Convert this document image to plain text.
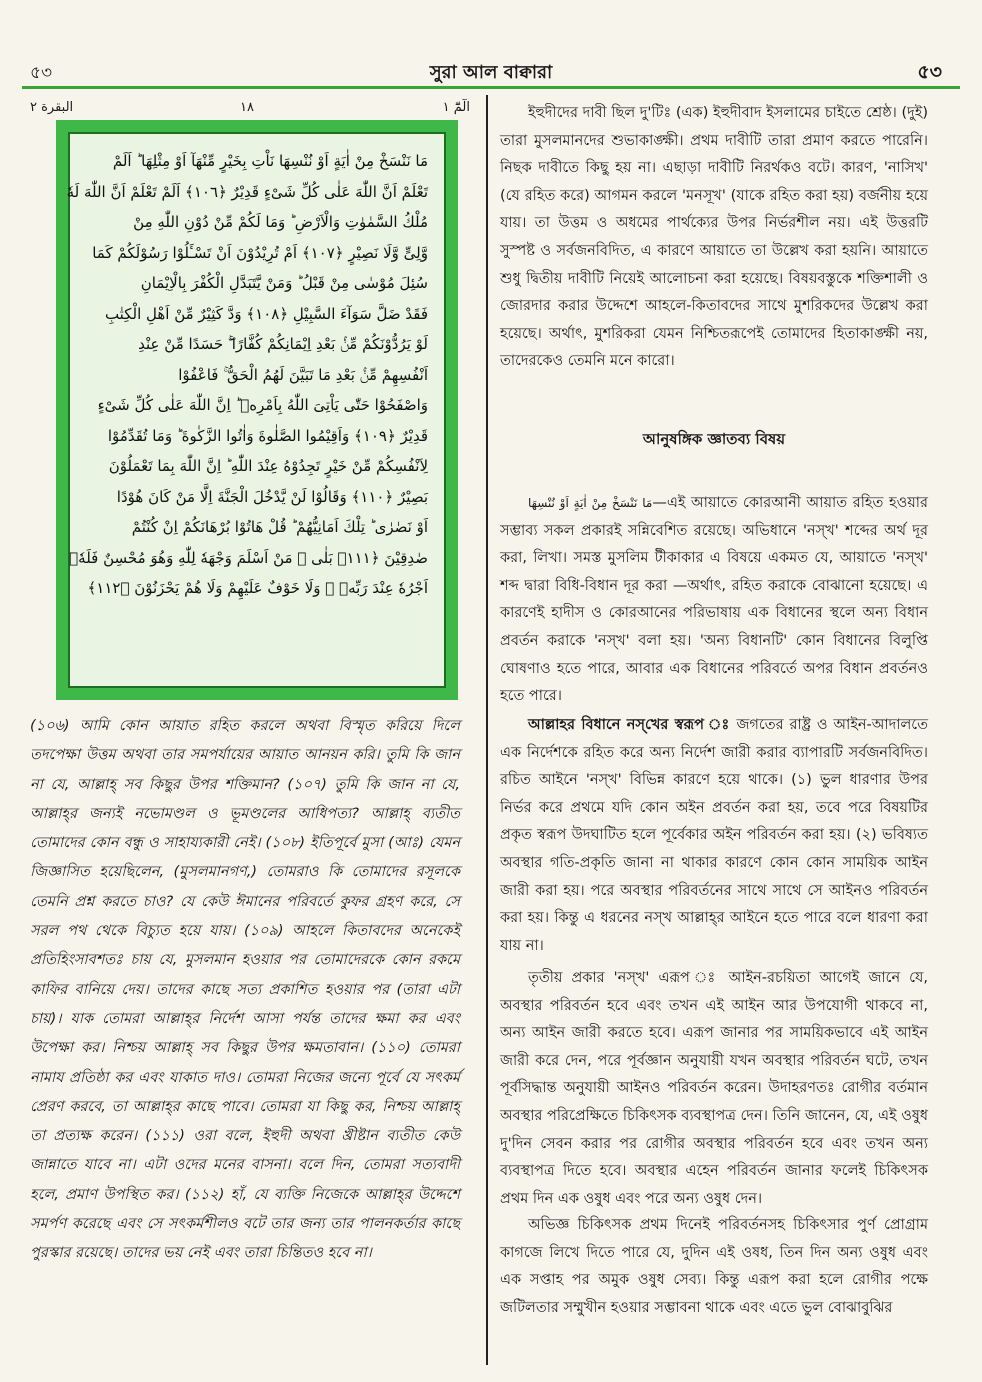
৫৩	সুরা আল বাক্বারা	৫৩
البقرة ۲	۱۸	الٓمّٓ ۱
مَا نَنْسَخْ مِنْ اٰيَةٍ اَوْ نُنْسِهَا نَاْتِ بِخَيْرٍ مِّنْهَآ اَوْ مِثْلِهَا ؕ اَلَمْ
تَعْلَمْ اَنَّ اللّٰهَ عَلٰى كُلِّ شَىْءٍ قَدِيْرٌ ﴿١٠٦﴾ اَلَمْ تَعْلَمْ اَنَّ اللّٰهَ لَهٗ
مُلْكُ السَّمٰوٰتِ وَالْاَرْضِ ؕ وَمَا لَكُمْ مِّنْ دُوْنِ اللّٰهِ مِنْ
وَّلِىٍّ وَّلَا نَصِيْرٍ ﴿١٠٧﴾ اَمْ تُرِيْدُوْنَ اَنْ تَسْـَٔلُوْا رَسُوْلَكُمْ كَمَا
سُئِلَ مُوْسٰى مِنْ قَبْلُ ؕ وَمَنْ يَّتَبَدَّلِ الْكُفْرَ بِالْاِيْمَانِ
فَقَدْ ضَلَّ سَوَآءَ السَّبِيْلِ ﴿١٠٨﴾ وَدَّ كَثِيْرٌ مِّنْ اَهْلِ الْكِتٰبِ
لَوْ يَرُدُّوْنَكُمْ مِّنْۢ بَعْدِ اِيْمَانِكُمْ كُفَّارًا ۚۖ حَسَدًا مِّنْ عِنْدِ
اَنْفُسِهِمْ مِّنْۢ بَعْدِ مَا تَبَيَّنَ لَهُمُ الْحَقُّ ۚ فَاعْفُوْا
وَاصْفَحُوْا حَتّٰى يَاْتِىَ اللّٰهُ بِاَمْرِهٖ ؕ اِنَّ اللّٰهَ عَلٰى كُلِّ شَىْءٍ
قَدِيْرٌ ﴿١٠٩﴾ وَاَقِيْمُوا الصَّلٰوةَ وَاٰتُوا الزَّكٰوةَ ؕ وَمَا تُقَدِّمُوْا
لِاَنْفُسِكُمْ مِّنْ خَيْرٍ تَجِدُوْهُ عِنْدَ اللّٰهِ ؕ اِنَّ اللّٰهَ بِمَا تَعْمَلُوْنَ
بَصِيْرٌ ﴿١١٠﴾ وَقَالُوْا لَنْ يَّدْخُلَ الْجَنَّةَ اِلَّا مَنْ كَانَ هُوْدًا
اَوْ نَصٰرٰى ؕ تِلْكَ اَمَانِيُّهُمْ ؕ قُلْ هَاتُوْا بُرْهَانَكُمْ اِنْ كُنْتُمْ
صٰدِقِيْنَ ﴿١١١﴾ بَلٰى ۚ مَنْ اَسْلَمَ وَجْهَهٗ لِلّٰهِ وَهُوَ مُحْسِنٌ فَلَهٗۤ
اَجْرُهٗ عِنْدَ رَبِّهٖ ۪ وَلَا خَوْفٌ عَلَيْهِمْ وَلَا هُمْ يَحْزَنُوْنَ ﴿١١٢﴾
(১০৬) আমি কোন আয়াত রহিত করলে অথবা বিস্মৃত করিয়ে দিলে তদপেক্ষা উত্তম অথবা তার সমপর্যায়ের আয়াত আনয়ন করি। তুমি কি জান না যে, আল্লাহ্‌ সব কিছুর উপর শক্তিমান? (১০৭) তুমি কি জান না যে, আল্লাহ্‌র জন্যই নভোমণ্ডল ও ভূমণ্ডলের আধিপত্য? আল্লাহ্‌ ব্যতীত তোমাদের কোন বন্ধু ও সাহায্যকারী নেই। (১০৮) ইতিপূর্বে মুসা (আঃ) যেমন জিজ্ঞাসিত হয়েছিলেন, (মুসলমানগণ,) তোমরাও কি তোমাদের রসূলকে তেমনি প্রশ্ন করতে চাও? যে কেউ ঈমানের পরিবর্তে কুফর গ্রহণ করে, সে সরল পথ থেকে বিচ্যুত হয়ে যায়। (১০৯) আহলে কিতাবদের অনেকেই প্রতিহিংসাবশতঃ চায় যে, মুসলমান হওয়ার পর তোমাদেরকে কোন রকমে কাফির বানিয়ে দেয়। তাদের কাছে সত্য প্রকাশিত হওয়ার পর (তারা এটা চায়)। যাক তোমরা আল্লাহ্‌র নির্দেশ আসা পর্যন্ত তাদের ক্ষমা কর এবং উপেক্ষা কর। নিশ্চয় আল্লাহ্‌ সব কিছুর উপর ক্ষমতাবান। (১১০) তোমরা নামায প্রতিষ্ঠা কর এবং যাকাত দাও। তোমরা নিজের জন্যে পূর্বে যে সৎকর্ম প্রেরণ করবে, তা আল্লাহ্‌র কাছে পাবে। তোমরা যা কিছু কর, নিশ্চয় আল্লাহ্‌ তা প্রত্যক্ষ করেন। (১১১) ওরা বলে, ইহুদী অথবা খ্রীষ্টান ব্যতীত কেউ জান্নাতে যাবে না। এটা ওদের মনের বাসনা। বলে দিন, তোমরা সত্যবাদী হলে, প্রমাণ উপস্থিত কর। (১১২) হাঁ, যে ব্যক্তি নিজেকে আল্লাহ্‌র উদ্দেশে সমর্পণ করেছে এবং সে সৎকর্মশীলও বটে তার জন্য তার পালনকর্তার কাছে পুরস্কার রয়েছে। তাদের ভয় নেই এবং তারা চিন্তিতও হবে না।
ইহুদীদের দাবী ছিল দু'টিঃ (এক) ইহুদীবাদ ইসলামের চাইতে শ্রেষ্ঠ। (দুই) তারা মুসলমানদের শুভাকাঙ্ক্ষী। প্রথম দাবীটি তারা প্রমাণ করতে পারেনি। নিছক দাবীতে কিছু হয় না। এছাড়া দাবীটি নিরর্থকও বটে। কারণ, 'নাসিখ' (যে রহিত করে) আগমন করলে 'মনসূখ' (যাকে রহিত করা হয়) বর্জনীয় হয়ে যায়। তা উত্তম ও অধমের পার্থক্যের উপর নির্ভরশীল নয়। এই উত্তরটি সুস্পষ্ট ও সর্বজনবিদিত, এ কারণে আয়াতে তা উল্লেখ করা হয়নি। আয়াতে শুধু দ্বিতীয় দাবীটি নিয়েই আলোচনা করা হয়েছে। বিষয়বস্তুকে শক্তিশালী ও জোরদার করার উদ্দেশে আহলে-কিতাবদের সাথে মুশরিকদের উল্লেখ করা হয়েছে। অর্থাৎ, মুশরিকরা যেমন নিশ্চিতরূপেই তোমাদের হিতাকাঙ্ক্ষী নয়, তাদেরকেও তেমনি মনে কারো।
আনুষঙ্গিক জ্ঞাতব্য বিষয়
مَا نَنْسَخْ مِنْ اٰيَةٍ اَوْ نُنْسِهَا—এই আয়াতে কোরআনী আয়াত রহিত হওয়ার সম্ভাব্য সকল প্রকারই সন্নিবেশিত রয়েছে। অভিধানে 'নস্‌খ' শব্দের অর্থ দূর করা, লিখা। সমস্ত মুসলিম টীকাকার এ বিষয়ে একমত যে, আয়াতে 'নস্‌খ' শব্দ দ্বারা বিধি-বিধান দূর করা —অর্থাৎ, রহিত করাকে বোঝানো হয়েছে। এ কারণেই হাদীস ও কোরআনের পরিভাষায় এক বিধানের স্থলে অন্য বিধান প্রবর্তন করাকে 'নস্‌খ' বলা হয়। 'অন্য বিধানটি' কোন বিধানের বিলুপ্তি ঘোষণাও হতে পারে, আবার এক বিধানের পরিবর্তে অপর বিধান প্রবর্তনও হতে পারে।
আল্লাহর বিধানে নস্‌খের স্বরূপ ঃ জগতের রাষ্ট্র ও আইন-আদালতে এক নির্দেশকে রহিত করে অন্য নির্দেশ জারী করার ব্যাপারটি সর্বজনবিদিত। রচিত আইনে 'নস্‌খ' বিভিন্ন কারণে হয়ে থাকে। (১) ভুল ধারণার উপর নির্ভর করে প্রথমে যদি কোন অইন প্রবর্তন করা হয়, তবে পরে বিষয়টির প্রকৃত স্বরূপ উদঘাটিত হলে পূর্বেকার অইন পরিবর্তন করা হয়। (২) ভবিষ্যত অবস্থার গতি-প্রকৃতি জানা না থাকার কারণে কোন কোন সাময়িক আইন জারী করা হয়। পরে অবস্থার পরিবর্তনের সাথে সাথে সে আইনও পরিবর্তন করা হয়। কিন্তু এ ধরনের নস্‌খ আল্লাহ্‌র আইনে হতে পারে বলে ধারণা করা যায় না।
তৃতীয় প্রকার 'নস্‌খ' এরূপ ঃ আইন-রচয়িতা আগেই জানে যে, অবস্থার পরিবর্তন হবে এবং তখন এই আইন আর উপযোগী থাকবে না, অন্য আইন জারী করতে হবে। এরূপ জানার পর সাময়িকভাবে এই আইন জারী করে দেন, পরে পূর্বজ্ঞান অনুযায়ী যখন অবস্থার পরিবর্তন ঘটে, তখন পূর্বসিদ্ধান্ত অনুযায়ী আইনও পরিবর্তন করেন। উদাহরণতঃ রোগীর বর্তমান অবস্থার পরিপ্রেক্ষিতে চিকিৎসক ব্যবস্থাপত্র দেন। তিনি জানেন, যে, এই ওষুধ দু'দিন সেবন করার পর রোগীর অবস্থার পরিবর্তন হবে এবং তখন অন্য ব্যবস্থাপত্র দিতে হবে। অবস্থার এহেন পরিবর্তন জানার ফলেই চিকিৎসক প্রথম দিন এক ওষুধ এবং পরে অন্য ওষুধ দেন।
অভিজ্ঞ চিকিৎসক প্রথম দিনেই পরিবর্তনসহ চিকিৎসার পুর্ণ প্রোগ্রাম কাগজে লিখে দিতে পারে যে, দুদিন এই ওষধ, তিন দিন অন্য ওষুধ এবং এক সপ্তাহ পর অমুক ওষুধ সেব্য। কিন্তু এরূপ করা হলে রোগীর পক্ষে জটিলতার সম্মুখীন হওয়ার সম্ভাবনা থাকে এবং এতে ভুল বোঝাবুঝির
